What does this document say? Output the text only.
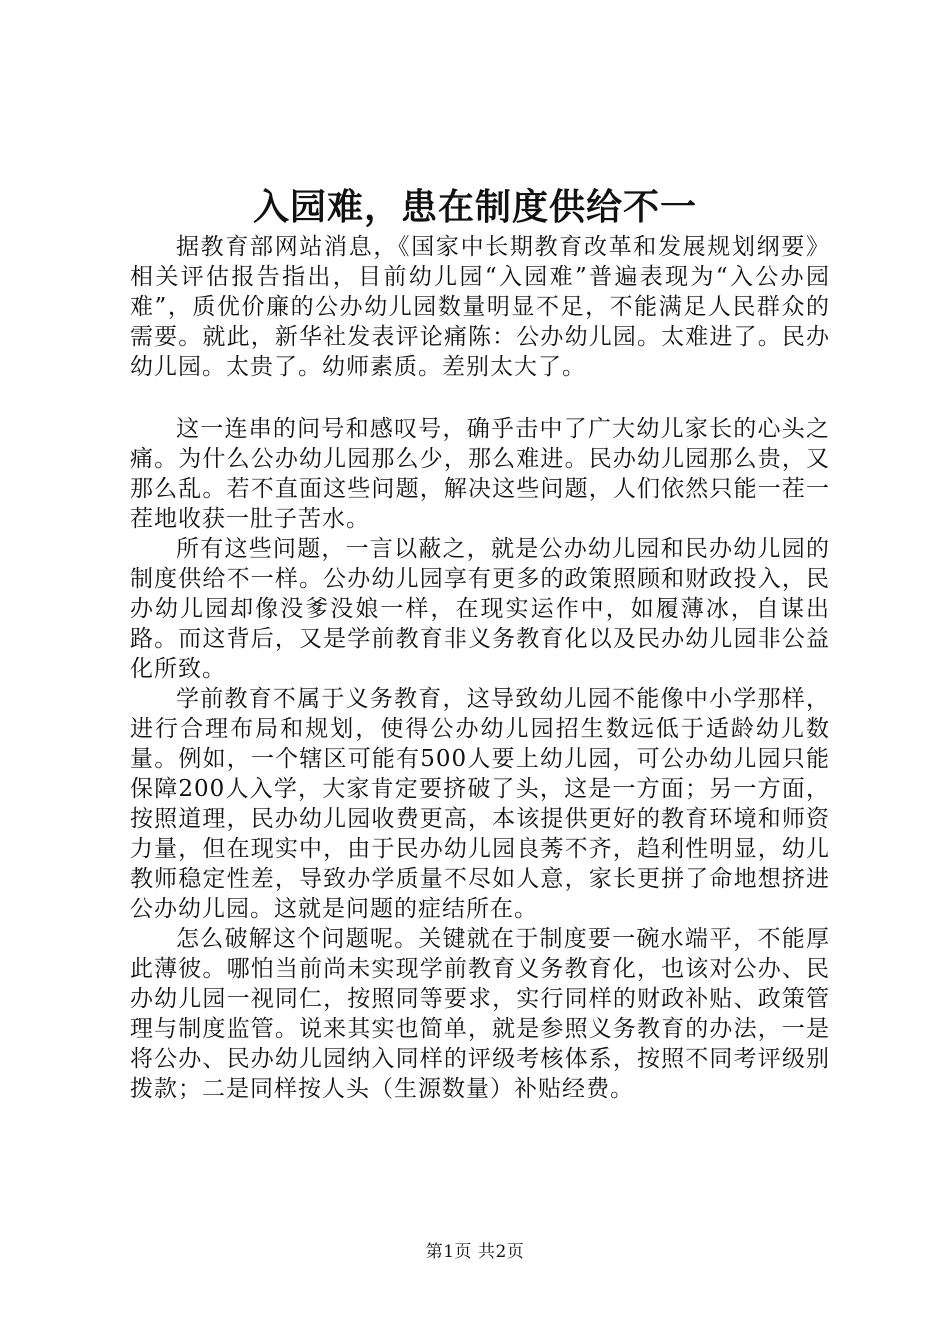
入园难，患在制度供给不一

据教育部网站消息，《国家中长期教育改革和发展规划纲要》相关评估报告指出，目前幼儿园“入园难”普遍表现为“入公办园难”，质优价廉的公办幼儿园数量明显不足，不能满足人民群众的需要。就此，新华社发表评论痛陈：公办幼儿园。太难进了。民办幼儿园。太贵了。幼师素质。差别太大了。

这一连串的问号和感叹号，确乎击中了广大幼儿家长的心头之痛。为什么公办幼儿园那么少，那么难进。民办幼儿园那么贵，又那么乱。若不直面这些问题，解决这些问题，人们依然只能一茬一茬地收获一肚子苦水。

所有这些问题，一言以蔽之，就是公办幼儿园和民办幼儿园的制度供给不一样。公办幼儿园享有更多的政策照顾和财政投入，民办幼儿园却像没爹没娘一样，在现实运作中，如履薄冰，自谋出路。而这背后，又是学前教育非义务教育化以及民办幼儿园非公益化所致。

学前教育不属于义务教育，这导致幼儿园不能像中小学那样，进行合理布局和规划，使得公办幼儿园招生数远低于适龄幼儿数量。例如，一个辖区可能有500人要上幼儿园，可公办幼儿园只能保障200人入学，大家肯定要挤破了头，这是一方面；另一方面，按照道理，民办幼儿园收费更高，本该提供更好的教育环境和师资力量，但在现实中，由于民办幼儿园良莠不齐，趋利性明显，幼儿教师稳定性差，导致办学质量不尽如人意，家长更拼了命地想挤进公办幼儿园。这就是问题的症结所在。

怎么破解这个问题呢。关键就在于制度要一碗水端平，不能厚此薄彼。哪怕当前尚未实现学前教育义务教育化，也该对公办、民办幼儿园一视同仁，按照同等要求，实行同样的财政补贴、政策管理与制度监管。说来其实也简单，就是参照义务教育的办法，一是将公办、民办幼儿园纳入同样的评级考核体系，按照不同考评级别拨款；二是同样按人头（生源数量）补贴经费。

第1页 共2页
